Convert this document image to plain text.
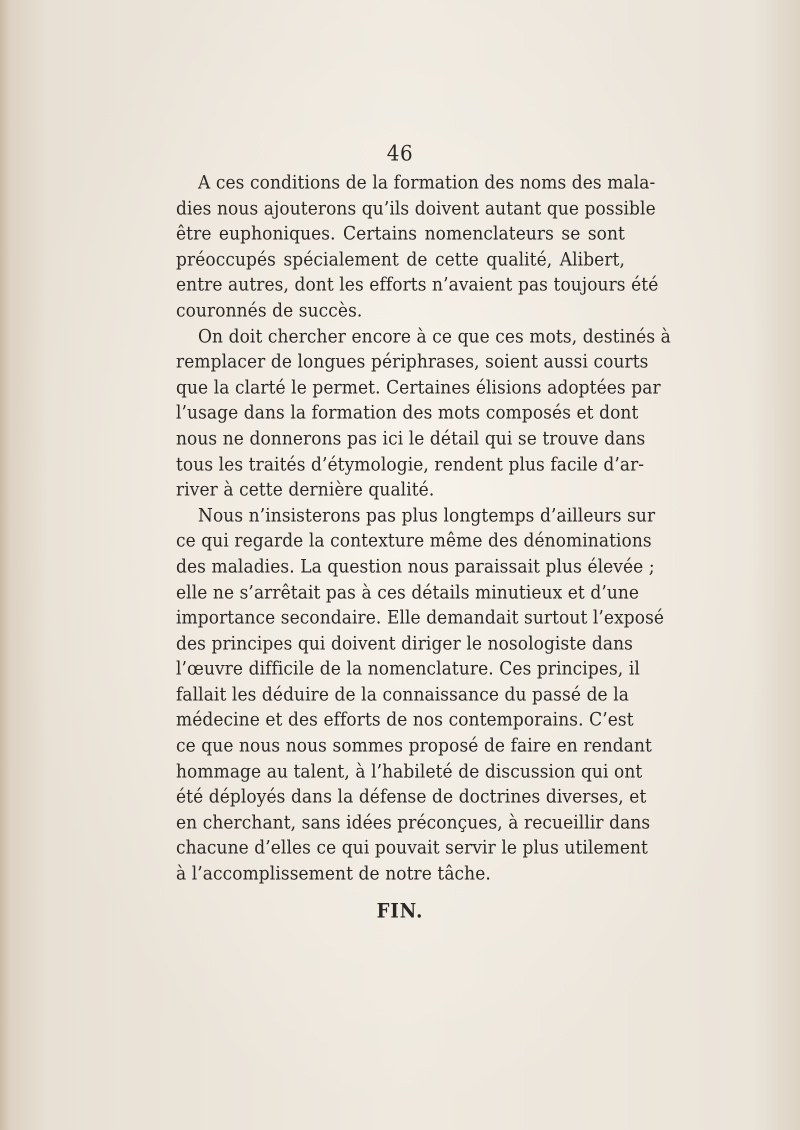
46
A ces conditions de la formation des noms des mala-
dies nous ajouterons qu’ils doivent autant que possible
être euphoniques. Certains nomenclateurs se sont
préoccupés spécialement de cette qualité, Alibert,
entre autres, dont les efforts n’avaient pas toujours été
couronnés de succès.
On doit chercher encore à ce que ces mots, destinés à
remplacer de longues périphrases, soient aussi courts
que la clarté le permet. Certaines élisions adoptées par
l’usage dans la formation des mots composés et dont
nous ne donnerons pas ici le détail qui se trouve dans
tous les traités d’étymologie, rendent plus facile d’ar-
river à cette dernière qualité.
Nous n’insisterons pas plus longtemps d’ailleurs sur
ce qui regarde la contexture même des dénominations
des maladies. La question nous paraissait plus élevée ;
elle ne s’arrêtait pas à ces détails minutieux et d’une
importance secondaire. Elle demandait surtout l’exposé
des principes qui doivent diriger le nosologiste dans
l’œuvre difficile de la nomenclature. Ces principes, il
fallait les déduire de la connaissance du passé de la
médecine et des efforts de nos contemporains. C’est
ce que nous nous sommes proposé de faire en rendant
hommage au talent, à l’habileté de discussion qui ont
été déployés dans la défense de doctrines diverses, et
en cherchant, sans idées préconçues, à recueillir dans
chacune d’elles ce qui pouvait servir le plus utilement
à l’accomplissement de notre tâche.
FIN.
